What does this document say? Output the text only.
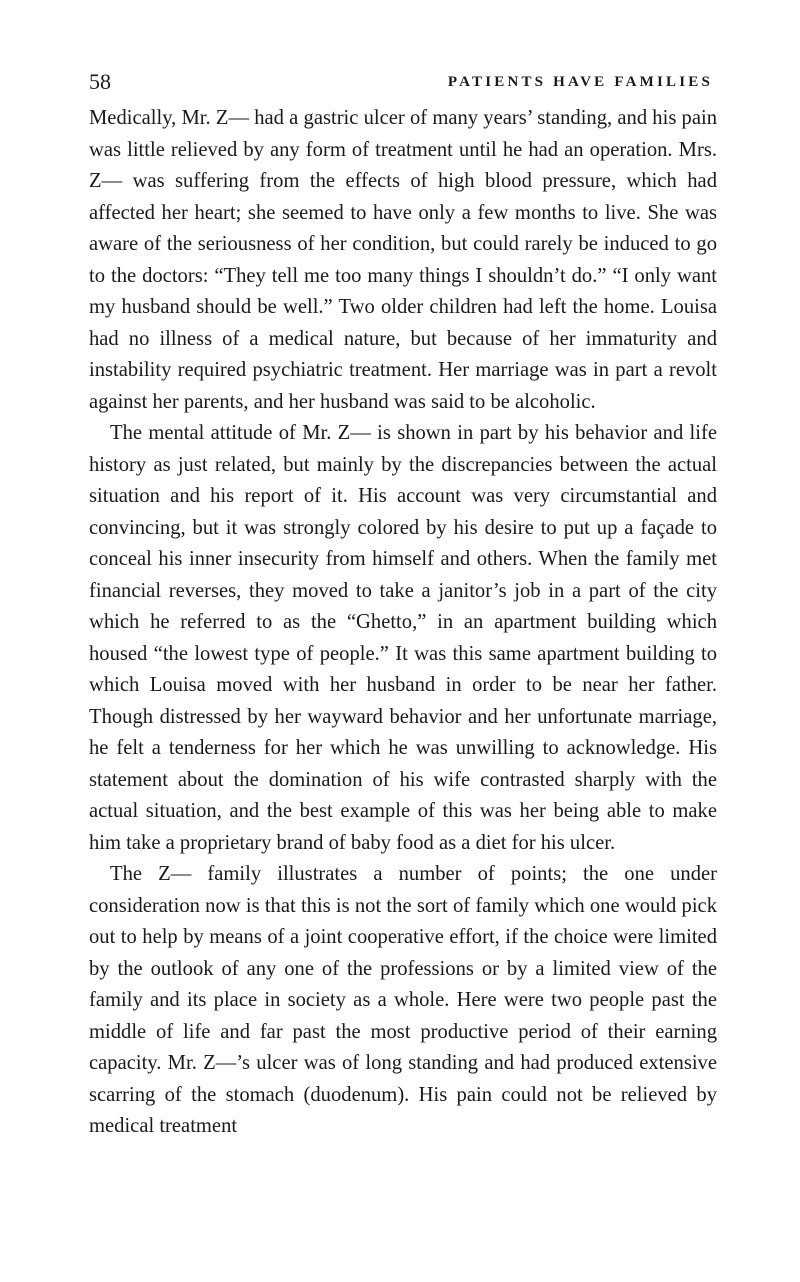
58	PATIENTS HAVE FAMILIES

Medically, Mr. Z— had a gastric ulcer of many years’ standing, and his pain was little relieved by any form of treatment until he had an operation. Mrs. Z— was suffering from the effects of high blood pressure, which had affected her heart; she seemed to have only a few months to live. She was aware of the seriousness of her condition, but could rarely be induced to go to the doctors: “They tell me too many things I shouldn’t do.” “I only want my husband should be well.” Two older children had left the home. Louisa had no illness of a medical nature, but because of her immaturity and instability required psychiatric treatment. Her marriage was in part a revolt against her parents, and her husband was said to be alcoholic.

The mental attitude of Mr. Z— is shown in part by his behavior and life history as just related, but mainly by the discrepancies between the actual situation and his report of it. His account was very circumstantial and convincing, but it was strongly colored by his desire to put up a façade to conceal his inner insecurity from himself and others. When the family met financial reverses, they moved to take a janitor’s job in a part of the city which he referred to as the “Ghetto,” in an apartment building which housed “the lowest type of people.” It was this same apartment building to which Louisa moved with her husband in order to be near her father. Though distressed by her wayward behavior and her unfortunate marriage, he felt a tenderness for her which he was unwilling to acknowledge. His statement about the domination of his wife contrasted sharply with the actual situation, and the best example of this was her being able to make him take a proprietary brand of baby food as a diet for his ulcer.

The Z— family illustrates a number of points; the one under consideration now is that this is not the sort of family which one would pick out to help by means of a joint cooperative effort, if the choice were limited by the outlook of any one of the professions or by a limited view of the family and its place in society as a whole. Here were two people past the middle of life and far past the most productive period of their earning capacity. Mr. Z—’s ulcer was of long standing and had produced extensive scarring of the stomach (duodenum). His pain could not be relieved by medical treatment
